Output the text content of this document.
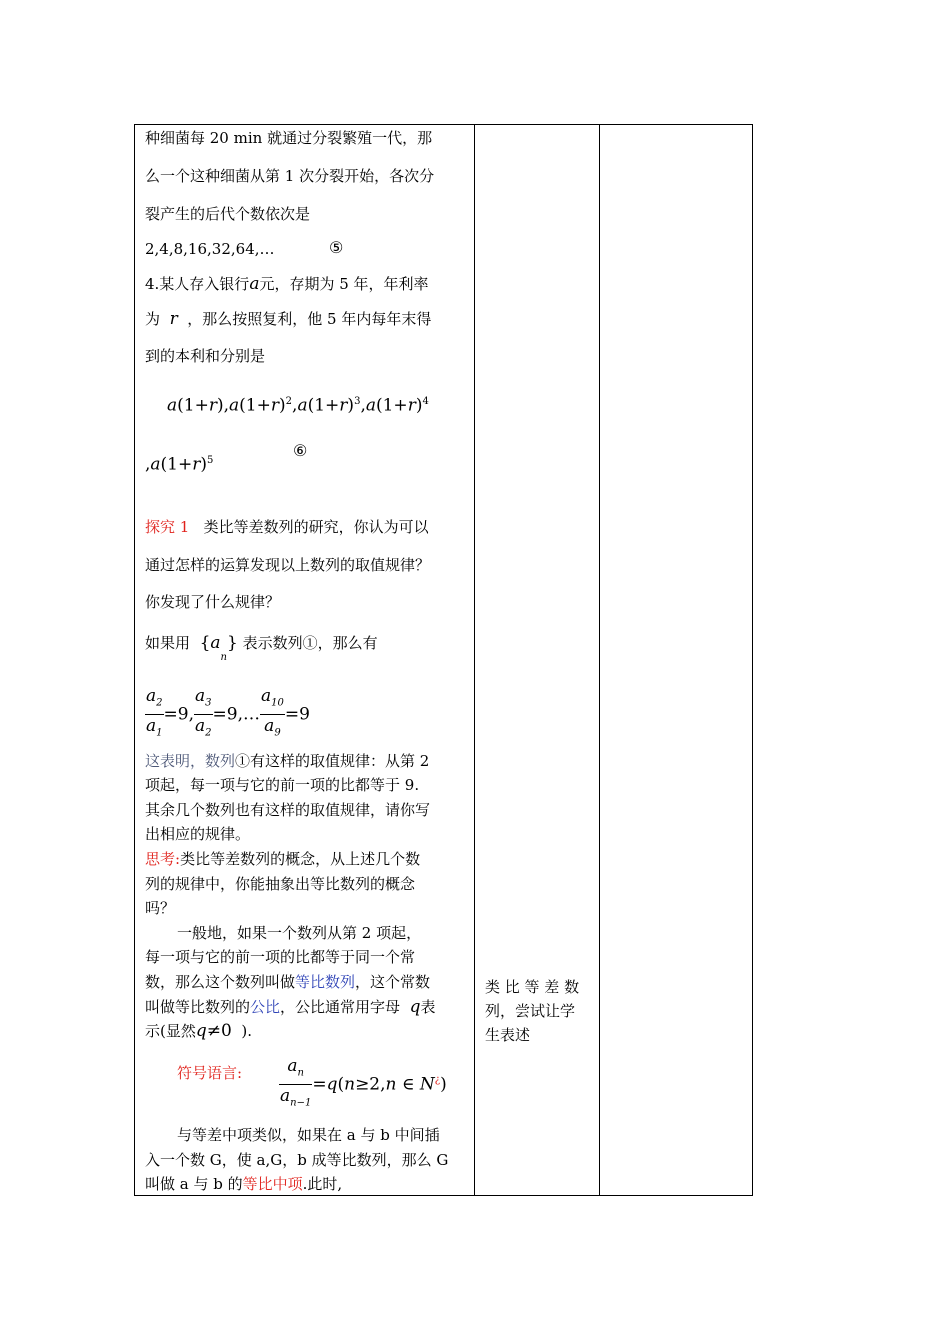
种细菌每 20 min 就通过分裂繁殖一代，那
么一个这种细菌从第 1 次分裂开始，各次分
裂产生的后代个数依次是
2,4,8,16,32,64,…	⑤
4.某人存入银行a元，存期为 5 年，年利率
为 r ，那么按照复利，他 5 年内每年末得
到的本利和分别是
$a(1+r),a(1+r)^2,a(1+r)^3,a(1+r)^4$
$,a(1+r)^5$
⑥
探究 1 类比等差数列的研究，你认为可以
通过怎样的运算发现以上数列的取值规律？
你发现了什么规律？
如果用 $\{a_n\}$ 表示数列①，那么有
$\frac{a_2}{a_1} =9$, $\frac{a_3}{a_2}$ =9,… $\frac{a_{10}}{a_9} =9$
这表明，数列①有这样的取值规律：从第 2
项起，每一项与它的前一项的比都等于 9.
其余几个数列也有这样的取值规律，请你写
出相应的规律。
思考:类比等差数列的概念，从上述几个数
列的规律中，你能抽象出等比数列的概念
吗？
一般地，如果一个数列从第 2 项起，
每一项与它的前一项的比都等于同一个常
数，那么这个数列叫做等比数列，这个常数
叫做等比数列的公比，公比通常用字母 q表
示(显然q≠0 ).
符号语言: $\frac{a_n}{a_{n-1}} =q(n\ge 2,n$ ∈ N¿)
与等差中项类似，如果在 a 与 b 中间插
入一个数 G，使 a,G，b 成等比数列，那么 G
叫做 a 与 b 的等比中项.此时,
类 比 等 差 数
列，尝试让学
生表述
